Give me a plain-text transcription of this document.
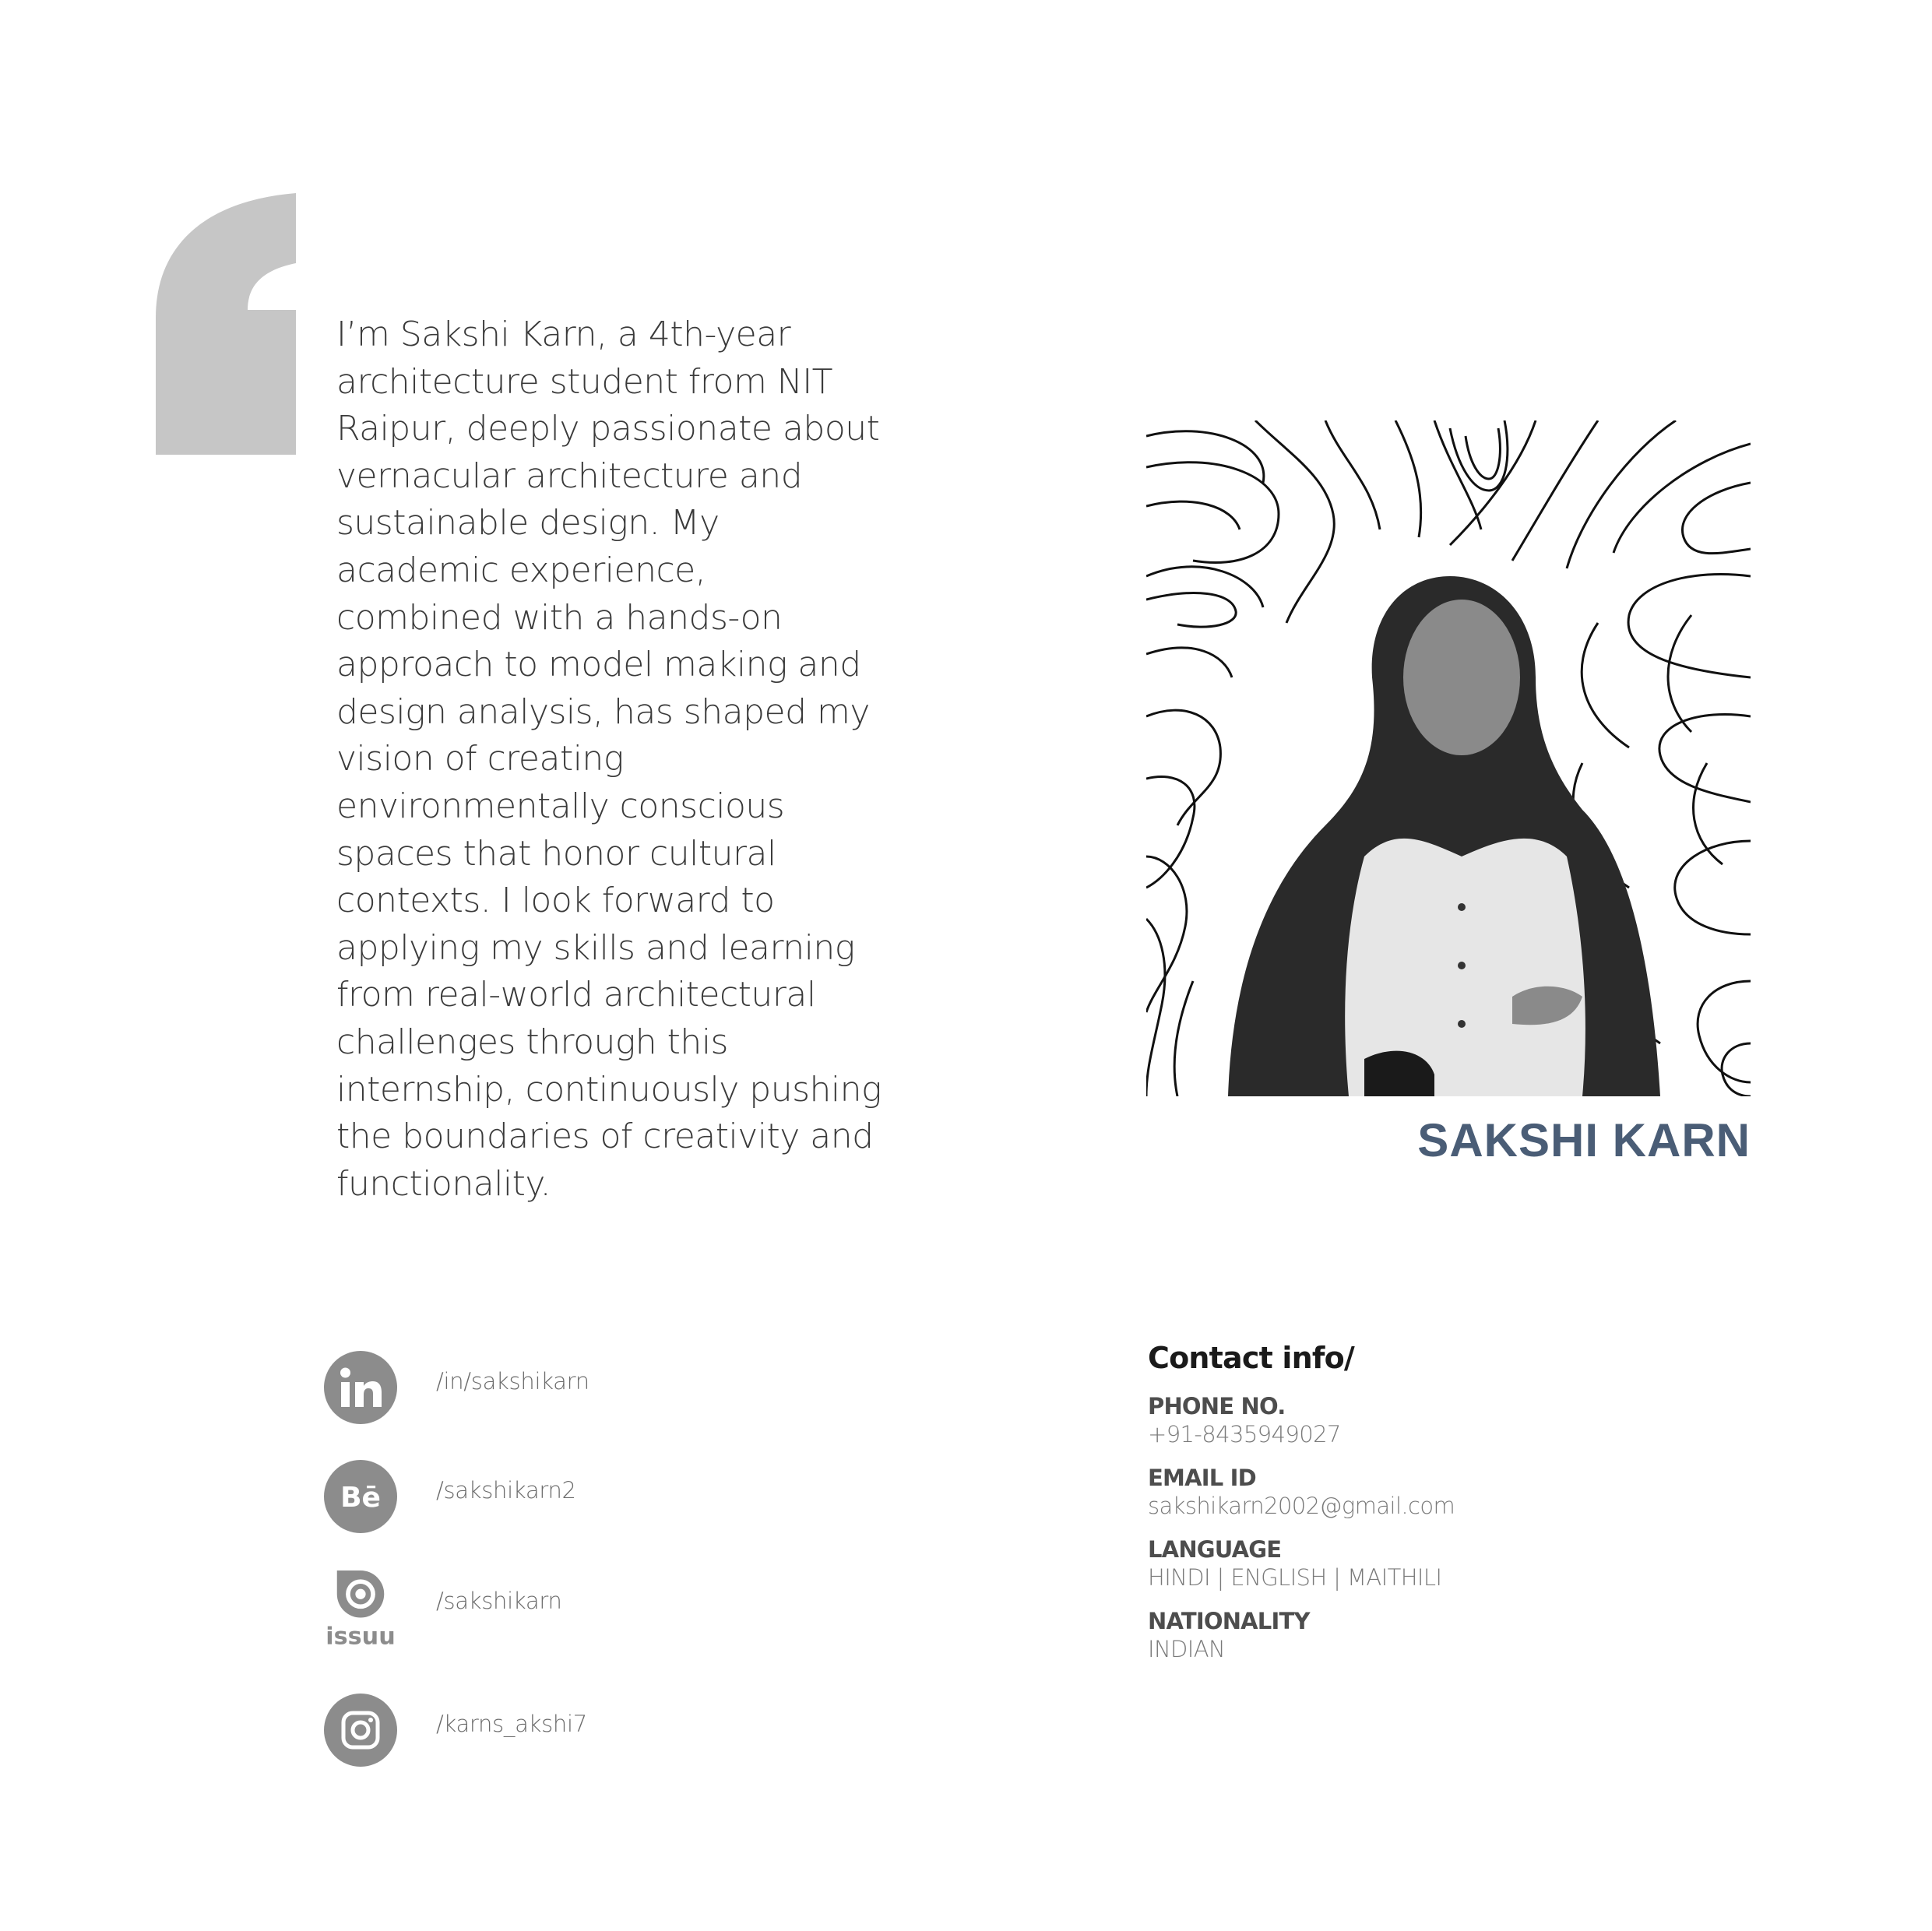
I’m Sakshi Karn, a 4th-year architecture student from NIT Raipur, deeply passionate about vernacular architecture and sustainable design. My academic experience, combined with a hands-on approach to model making and design analysis, has shaped my vision of creating environmentally conscious spaces that honor cultural contexts. I look forward to applying my skills and learning from real-world architectural challenges through this internship, continuously pushing the boundaries of creativity and functionality.

SAKSHI KARN
/in/sakshikarn
Bē /sakshikarn2
issuu
/sakshikarn
/karns_akshi7
Contact info/
PHONE NO.
+91-8435949027
EMAIL ID
sakshikarn2002@gmail.com
LANGUAGE
HINDI | ENGLISH | MAITHILI
NATIONALITY
INDIAN
